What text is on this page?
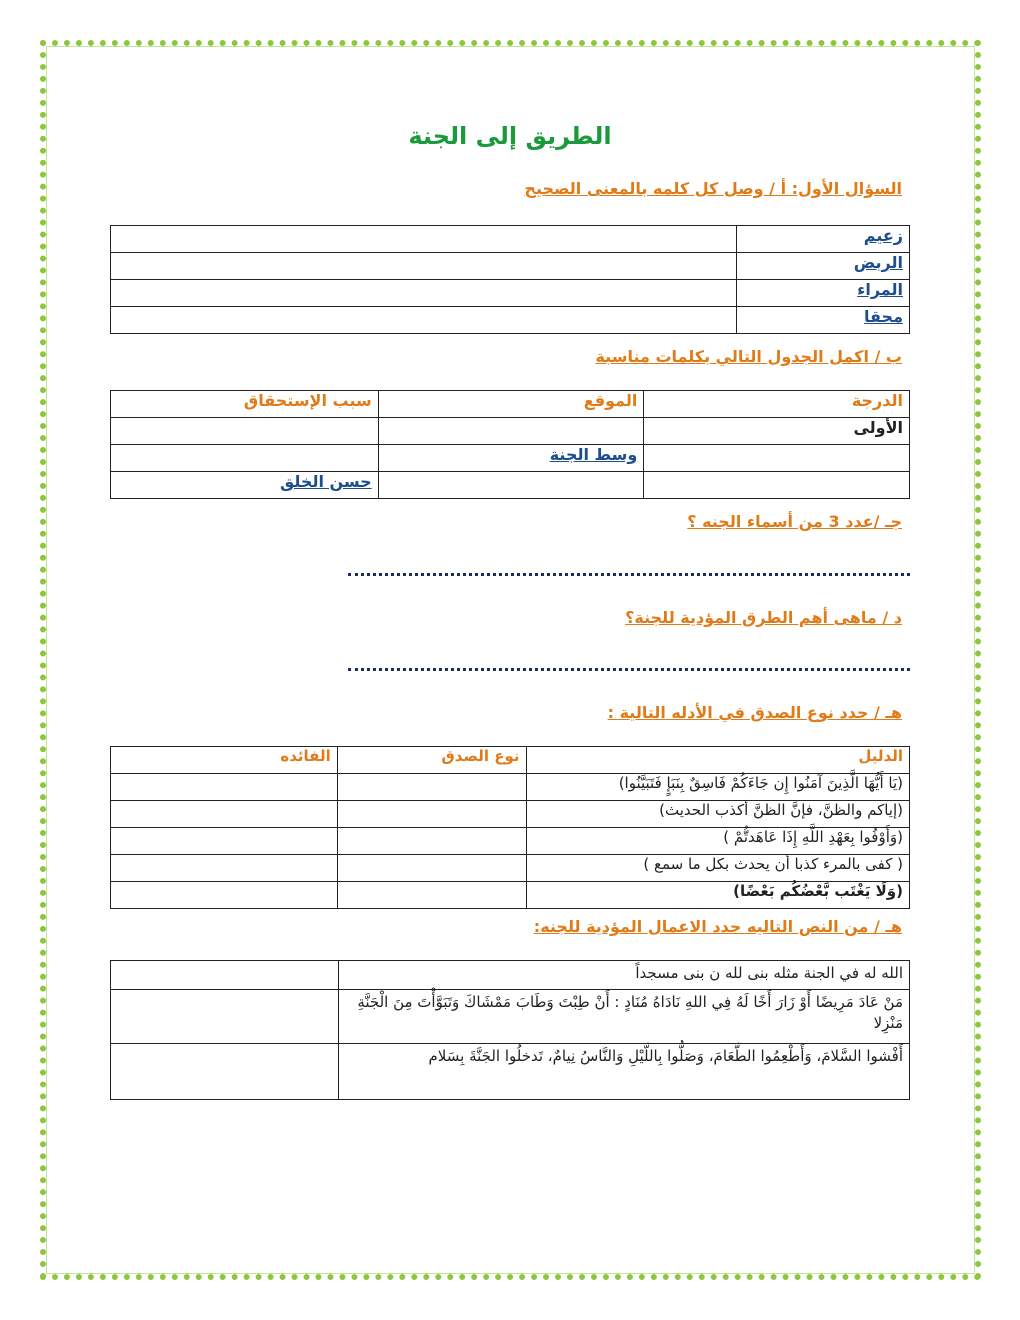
الطريق إلى الجنة
السؤال الأول: أ / وصل كل كلمه بالمعنى الصحيح
زعيم	
الربض	
المراء	
محقا	
ب / اكمل الجدول التالي بكلمات مناسبة
الدرجة	الموقع	سبب الإستحقاق
الأولى		
	وسط الجنة	
		حسن الخلق
جـ /عدد 3 من أسماء الجنه ؟
د / ماهى أهم الطرق المؤدية للجنة؟
هـ / حدد نوع الصدق في الأدله التالية :
الدليل	نوع الصدق	الفائده
(يَا أَيُّهَا الَّذِينَ آمَنُوا إِن جَاءَكُمْ فَاسِقٌ بِنَبَإٍ فَتَبَيَّنُوا)		
(إياكم والظنَّ، فإنَّ الظنَّ أكذب الحديث)		
(وَأَوْفُوا بِعَهْدِ اللَّهِ إِذَا عَاهَدتُّمْ )		
( كفى بالمرء كذبا أن يحدث بكل ما سمع )		
(وَلَا يَغْتَب بَّعْضُكُم بَعْضًا)		
هـ / من النص التاليه حدد الاعمال المؤدية للجنه:
الله له في الجنة مثله بنى لله ن بنى مسجداً	
مَنْ عَادَ مَرِيضًا أَوْ زَارَ أَخًا لَهُ فِي اللهِ نَادَاهُ مُنَادٍ : أَنْ طِبْتَ وَطَابَ مَمْشَاكَ وَتَبَوَّأْتَ مِنَ الْجَنَّةِ مَنْزِلا	
أَفْشوا السَّلامَ، وَأَطْعِمُوا الطَّعَامَ، وَصَلُّوا بِاللَّيْلِ وَالنَّاسُ نِيامٌ، تَدخلُوا الجَنَّةَ بِسَلام	
